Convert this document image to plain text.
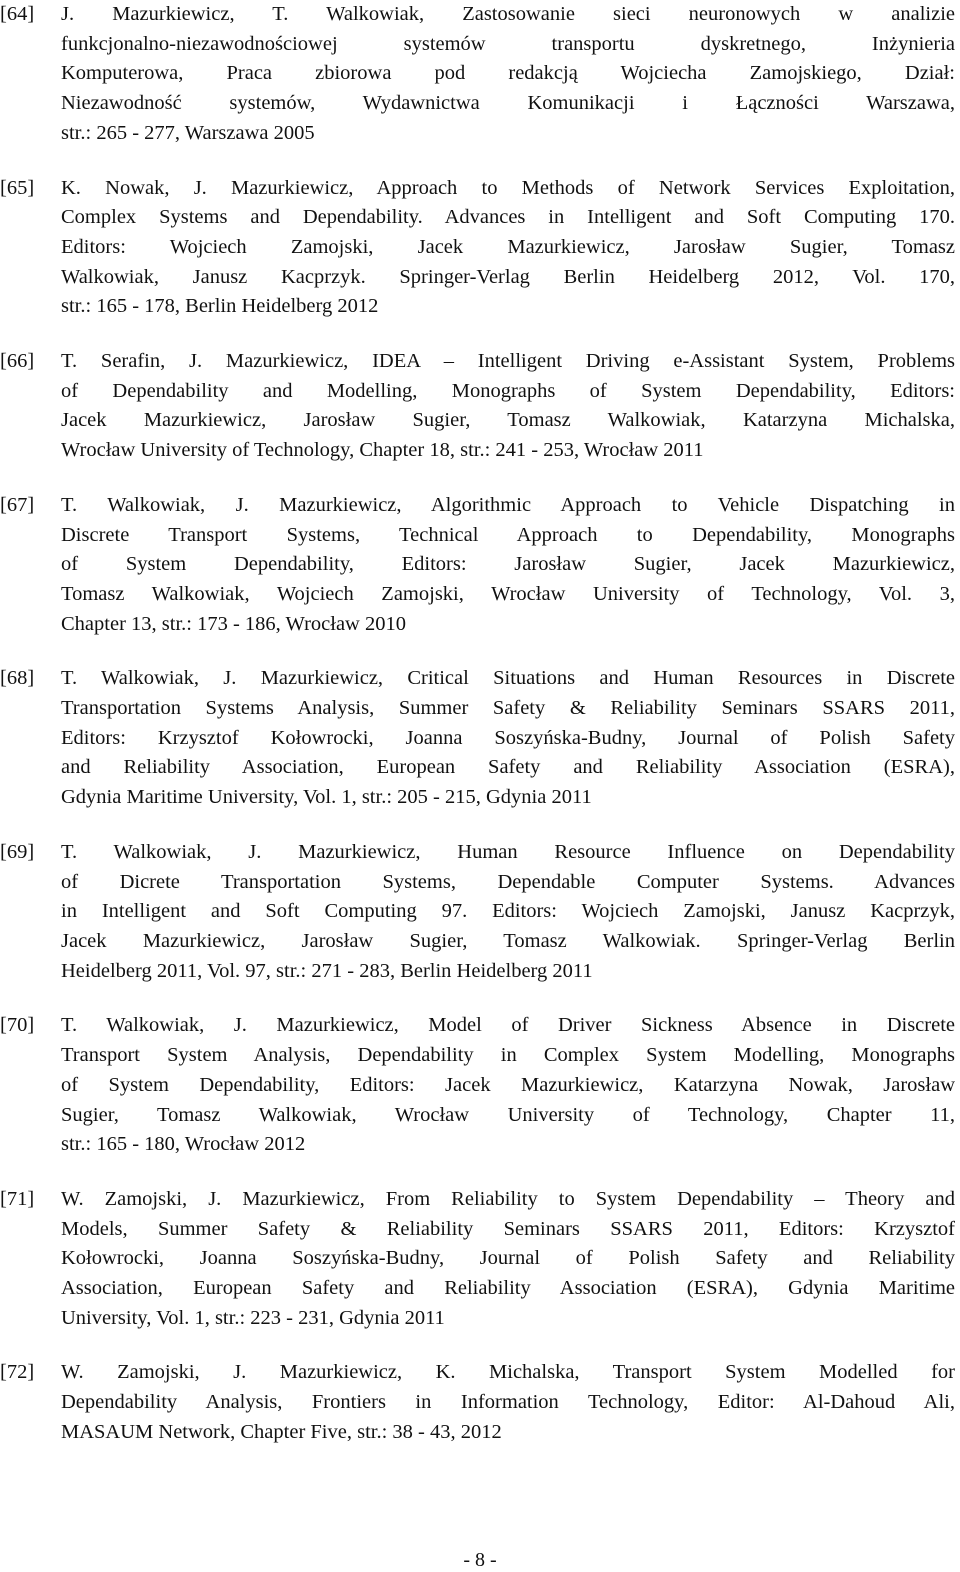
[64] J. Mazurkiewicz, T. Walkowiak, Zastosowanie sieci neuronowych w analizie
funkcjonalno-niezawodnościowej systemów transportu dyskretnego, Inżynieria
Komputerowa, Praca zbiorowa pod redakcją Wojciecha Zamojskiego, Dział:
Niezawodność systemów, Wydawnictwa Komunikacji i Łączności Warszawa,
str.: 265 - 277, Warszawa 2005
[65] K. Nowak, J. Mazurkiewicz, Approach to Methods of Network Services Exploitation,
Complex Systems and Dependability. Advances in Intelligent and Soft Computing 170.
Editors: Wojciech Zamojski, Jacek Mazurkiewicz, Jarosław Sugier, Tomasz
Walkowiak, Janusz Kacprzyk. Springer-Verlag Berlin Heidelberg 2012, Vol. 170,
str.: 165 - 178, Berlin Heidelberg 2012
[66] T. Serafin, J. Mazurkiewicz, IDEA – Intelligent Driving e-Assistant System, Problems
of Dependability and Modelling, Monographs of System Dependability, Editors:
Jacek Mazurkiewicz, Jarosław Sugier, Tomasz Walkowiak, Katarzyna Michalska,
Wrocław University of Technology, Chapter 18, str.: 241 - 253, Wrocław 2011
[67] T. Walkowiak, J. Mazurkiewicz, Algorithmic Approach to Vehicle Dispatching in
Discrete Transport Systems, Technical Approach to Dependability, Monographs
of System Dependability, Editors: Jarosław Sugier, Jacek Mazurkiewicz,
Tomasz Walkowiak, Wojciech Zamojski, Wrocław University of Technology, Vol. 3,
Chapter 13, str.: 173 - 186, Wrocław 2010
[68] T. Walkowiak, J. Mazurkiewicz, Critical Situations and Human Resources in Discrete
Transportation Systems Analysis, Summer Safety & Reliability Seminars SSARS 2011,
Editors: Krzysztof Kołowrocki, Joanna Soszyńska-Budny, Journal of Polish Safety
and Reliability Association, European Safety and Reliability Association (ESRA),
Gdynia Maritime University, Vol. 1, str.: 205 - 215, Gdynia 2011
[69] T. Walkowiak, J. Mazurkiewicz, Human Resource Influence on Dependability
of Dicrete Transportation Systems, Dependable Computer Systems. Advances
in Intelligent and Soft Computing 97. Editors: Wojciech Zamojski, Janusz Kacprzyk,
Jacek Mazurkiewicz, Jarosław Sugier, Tomasz Walkowiak. Springer-Verlag Berlin
Heidelberg 2011, Vol. 97, str.: 271 - 283, Berlin Heidelberg 2011
[70] T. Walkowiak, J. Mazurkiewicz, Model of Driver Sickness Absence in Discrete
Transport System Analysis, Dependability in Complex System Modelling, Monographs
of System Dependability, Editors: Jacek Mazurkiewicz, Katarzyna Nowak, Jarosław
Sugier, Tomasz Walkowiak, Wrocław University of Technology, Chapter 11,
str.: 165 - 180, Wrocław 2012
[71] W. Zamojski, J. Mazurkiewicz, From Reliability to System Dependability – Theory and
Models, Summer Safety & Reliability Seminars SSARS 2011, Editors: Krzysztof
Kołowrocki, Joanna Soszyńska-Budny, Journal of Polish Safety and Reliability
Association, European Safety and Reliability Association (ESRA), Gdynia Maritime
University, Vol. 1, str.: 223 - 231, Gdynia 2011
[72] W. Zamojski, J. Mazurkiewicz, K. Michalska, Transport System Modelled for
Dependability Analysis, Frontiers in Information Technology, Editor: Al-Dahoud Ali,
MASAUM Network, Chapter Five, str.: 38 - 43, 2012
- 8 -
